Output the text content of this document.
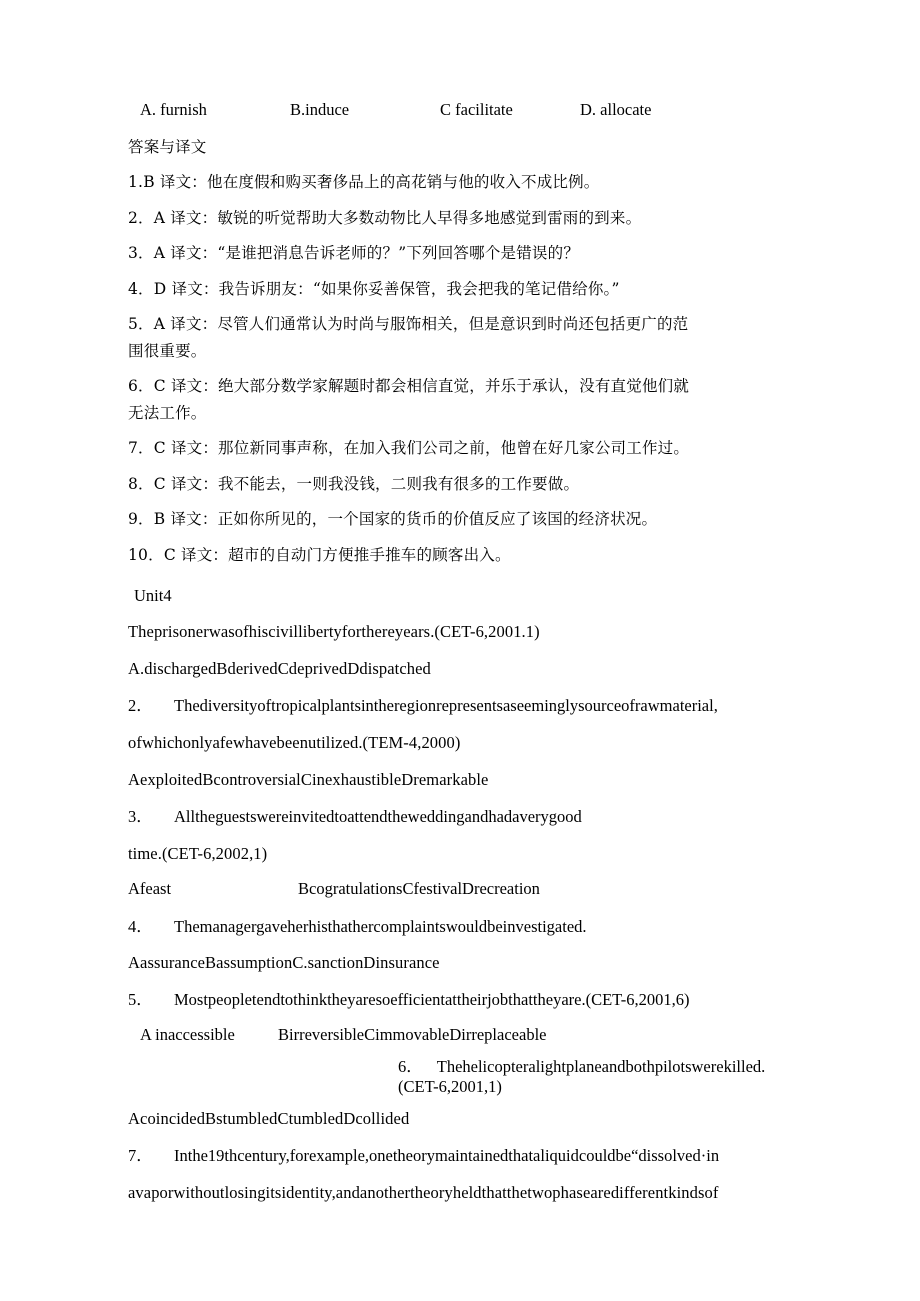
A. furnish	B.induce	C facilitate	D. allocate
答案与译文
1.B 译文：他在度假和购买奢侈品上的高花销与他的收入不成比例。
2．A 译文：敏锐的听觉帮助大多数动物比人早得多地感觉到雷雨的到来。
3．A 译文：“是谁把消息告诉老师的？”下列回答哪个是错误的？
4．D 译文：我告诉朋友：“如果你妥善保管，我会把我的笔记借给你。”
5．A 译文：尽管人们通常认为时尚与服饰相关，但是意识到时尚还包括更广的范
围很重要。
6．C 译文：绝大部分数学家解题时都会相信直觉，并乐于承认，没有直觉他们就
无法工作。
7．C 译文：那位新同事声称，在加入我们公司之前，他曾在好几家公司工作过。
8．C 译文：我不能去，一则我没钱，二则我有很多的工作要做。
9．B 译文：正如你所见的，一个国家的货币的价值反应了该国的经济状况。
10．C 译文：超市的自动门方便推手推车的顾客出入。
Unit4
Theprisonerwasofhiscivillibertyforthereyears.(CET-6,2001.1)
A.dischargedBderivedCdeprivedDdispatched
2． Thediversityoftropicalplantsintheregionrepresentsaseeminglysourceofrawmaterial,
ofwhichonlyafewhavebeenutilized.(TEM-4,2000)
AexploitedBcontroversialCinexhaustibleDremarkable
3． Alltheguestswereinvitedtoattendtheweddingandhadaverygood
time.(CET-6,2002,1)
Afeast	BcogratulationsCfestivalDrecreation
4． Themanagergaveherhisthathercomplaintswouldbeinvestigated.
AassuranceBassumptionC.sanctionDinsurance
5． Mostpeopletendtothinktheyaresoefficientattheirjobthattheyare.(CET-6,2001,6)
A inaccessible	BirreversibleCimmovableDirreplaceable
6． Thehelicopteralightplaneandbothpilotswerekilled.(CET-6,2001,1)
AcoincidedBstumbledCtumbledDcollided
7． Inthe19thcentury,forexample,onetheorymaintainedthataliquidcouldbe“dissolved·in
avaporwithoutlosingitsidentity,andanothertheoryheldthatthetwophasearedifferentkindsof
